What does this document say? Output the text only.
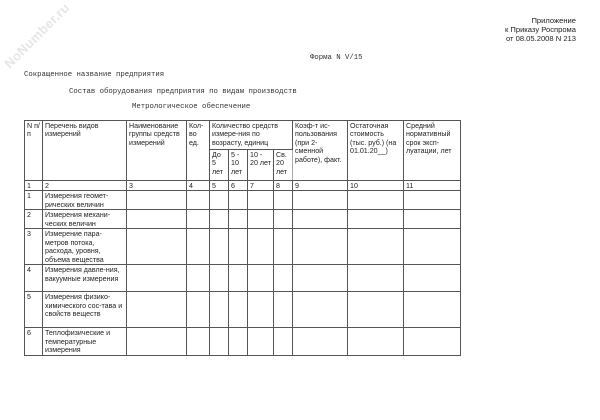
NoNumber.ru	Приложение
к Приказу Роспрома
от 08.05.2008 N 213
Форма N V/15
Сокращенное название предприятия
Состав оборудования предприятия по видам производств
Метрологическое обеспечение
N п/п	Перечень видов измерений	Наименование группы средств измерений	Кол-во ед.	Количество средств измере-ния по возрасту, единиц				Коэф-т ис-пользования (при 2-сменной работе), факт.	Остаточная стоимость (тыс. руб.) (на 01.01.20__)	Средний нормативный срок эксп-луатации, лет
				До 5 лет	5 - 10 лет	10 - 20 лет	Св. 20 лет			
1	2	3	4	5	6	7	8	9	10	11
1	Измерения геомет-рических величин									
2	Измерения механи-ческих величин									
3	Измерение пара-метров потока, расхода, уровня, объема вещества									
4	Измерения давле-ния, вакуумные измерения									
5	Измерения физико-химического сос-тава и свойств веществ									
6	Теплофизические и температурные измерения									
